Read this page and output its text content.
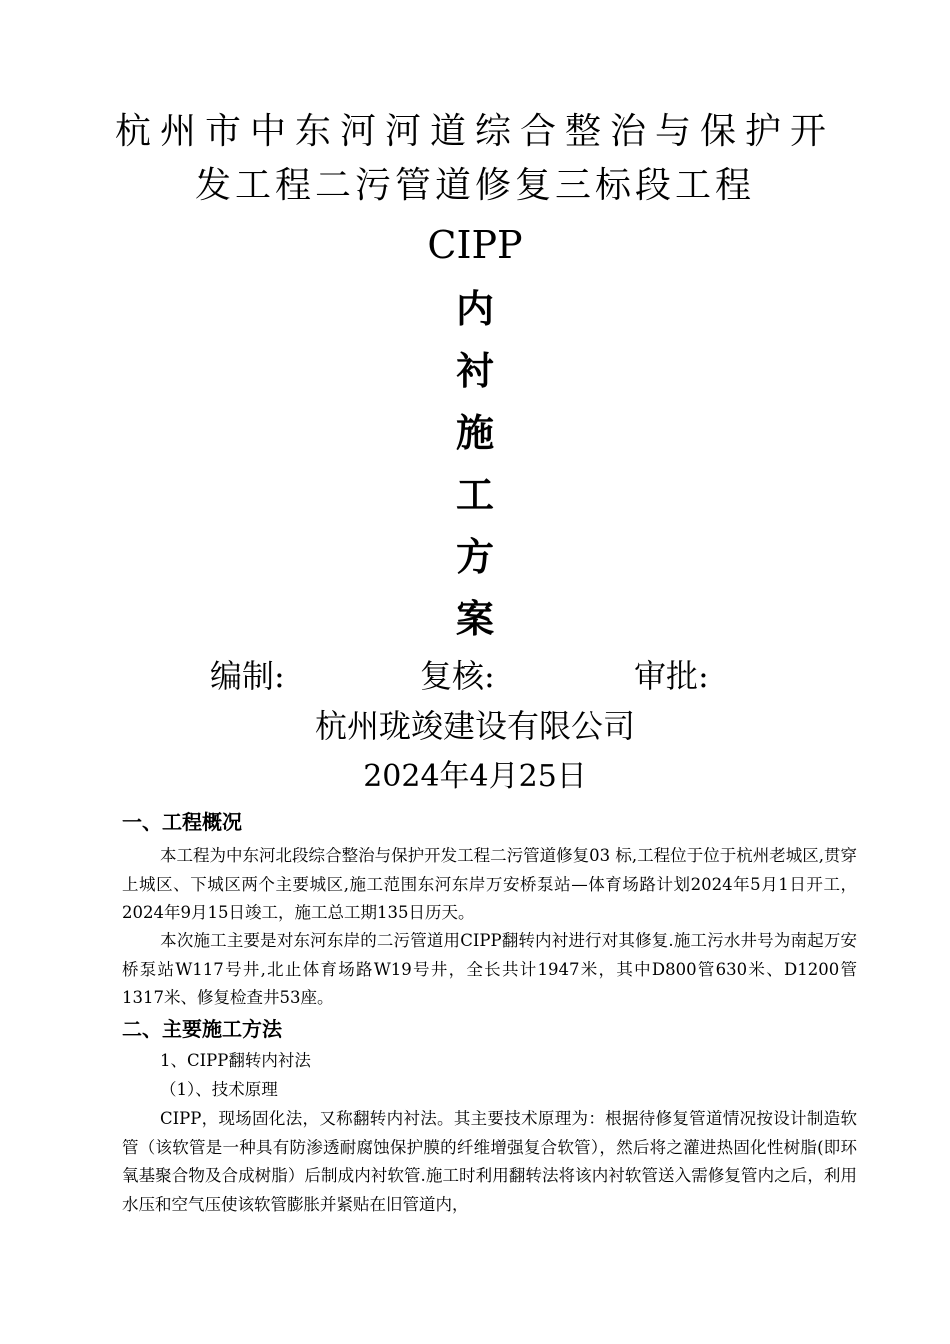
杭州市中东河河道综合整治与保护开
发工程二污管道修复三标段工程
CIPP
内
衬
施
工
方
案
编制:	复核:	审批:
杭州珑竣建设有限公司
2024年4月25日
一、工程概况
本工程为中东河北段综合整治与保护开发工程二污管道修复03 标,工程位于位于杭州老城区,贯穿上城区、下城区两个主要城区,施工范围东河东岸万安桥泵站—体育场路计划2024年5月1日开工，2024年9月15日竣工，施工总工期135日历天。
本次施工主要是对东河东岸的二污管道用CIPP翻转内衬进行对其修复.施工污水井号为南起万安桥泵站W117号井,北止体育场路W19号井，全长共计1947米，其中D800管630米、D1200管1317米、修复检查井53座。
二、主要施工方法
1、CIPP翻转内衬法
（1）、技术原理
CIPP，现场固化法，又称翻转内衬法。其主要技术原理为：根据待修复管道情况按设计制造软管（该软管是一种具有防渗透耐腐蚀保护膜的纤维增强复合软管），然后将之灌进热固化性树脂(即环氧基聚合物及合成树脂）后制成内衬软管.施工时利用翻转法将该内衬软管送入需修复管内之后，利用水压和空气压使该软管膨胀并紧贴在旧管道内，
